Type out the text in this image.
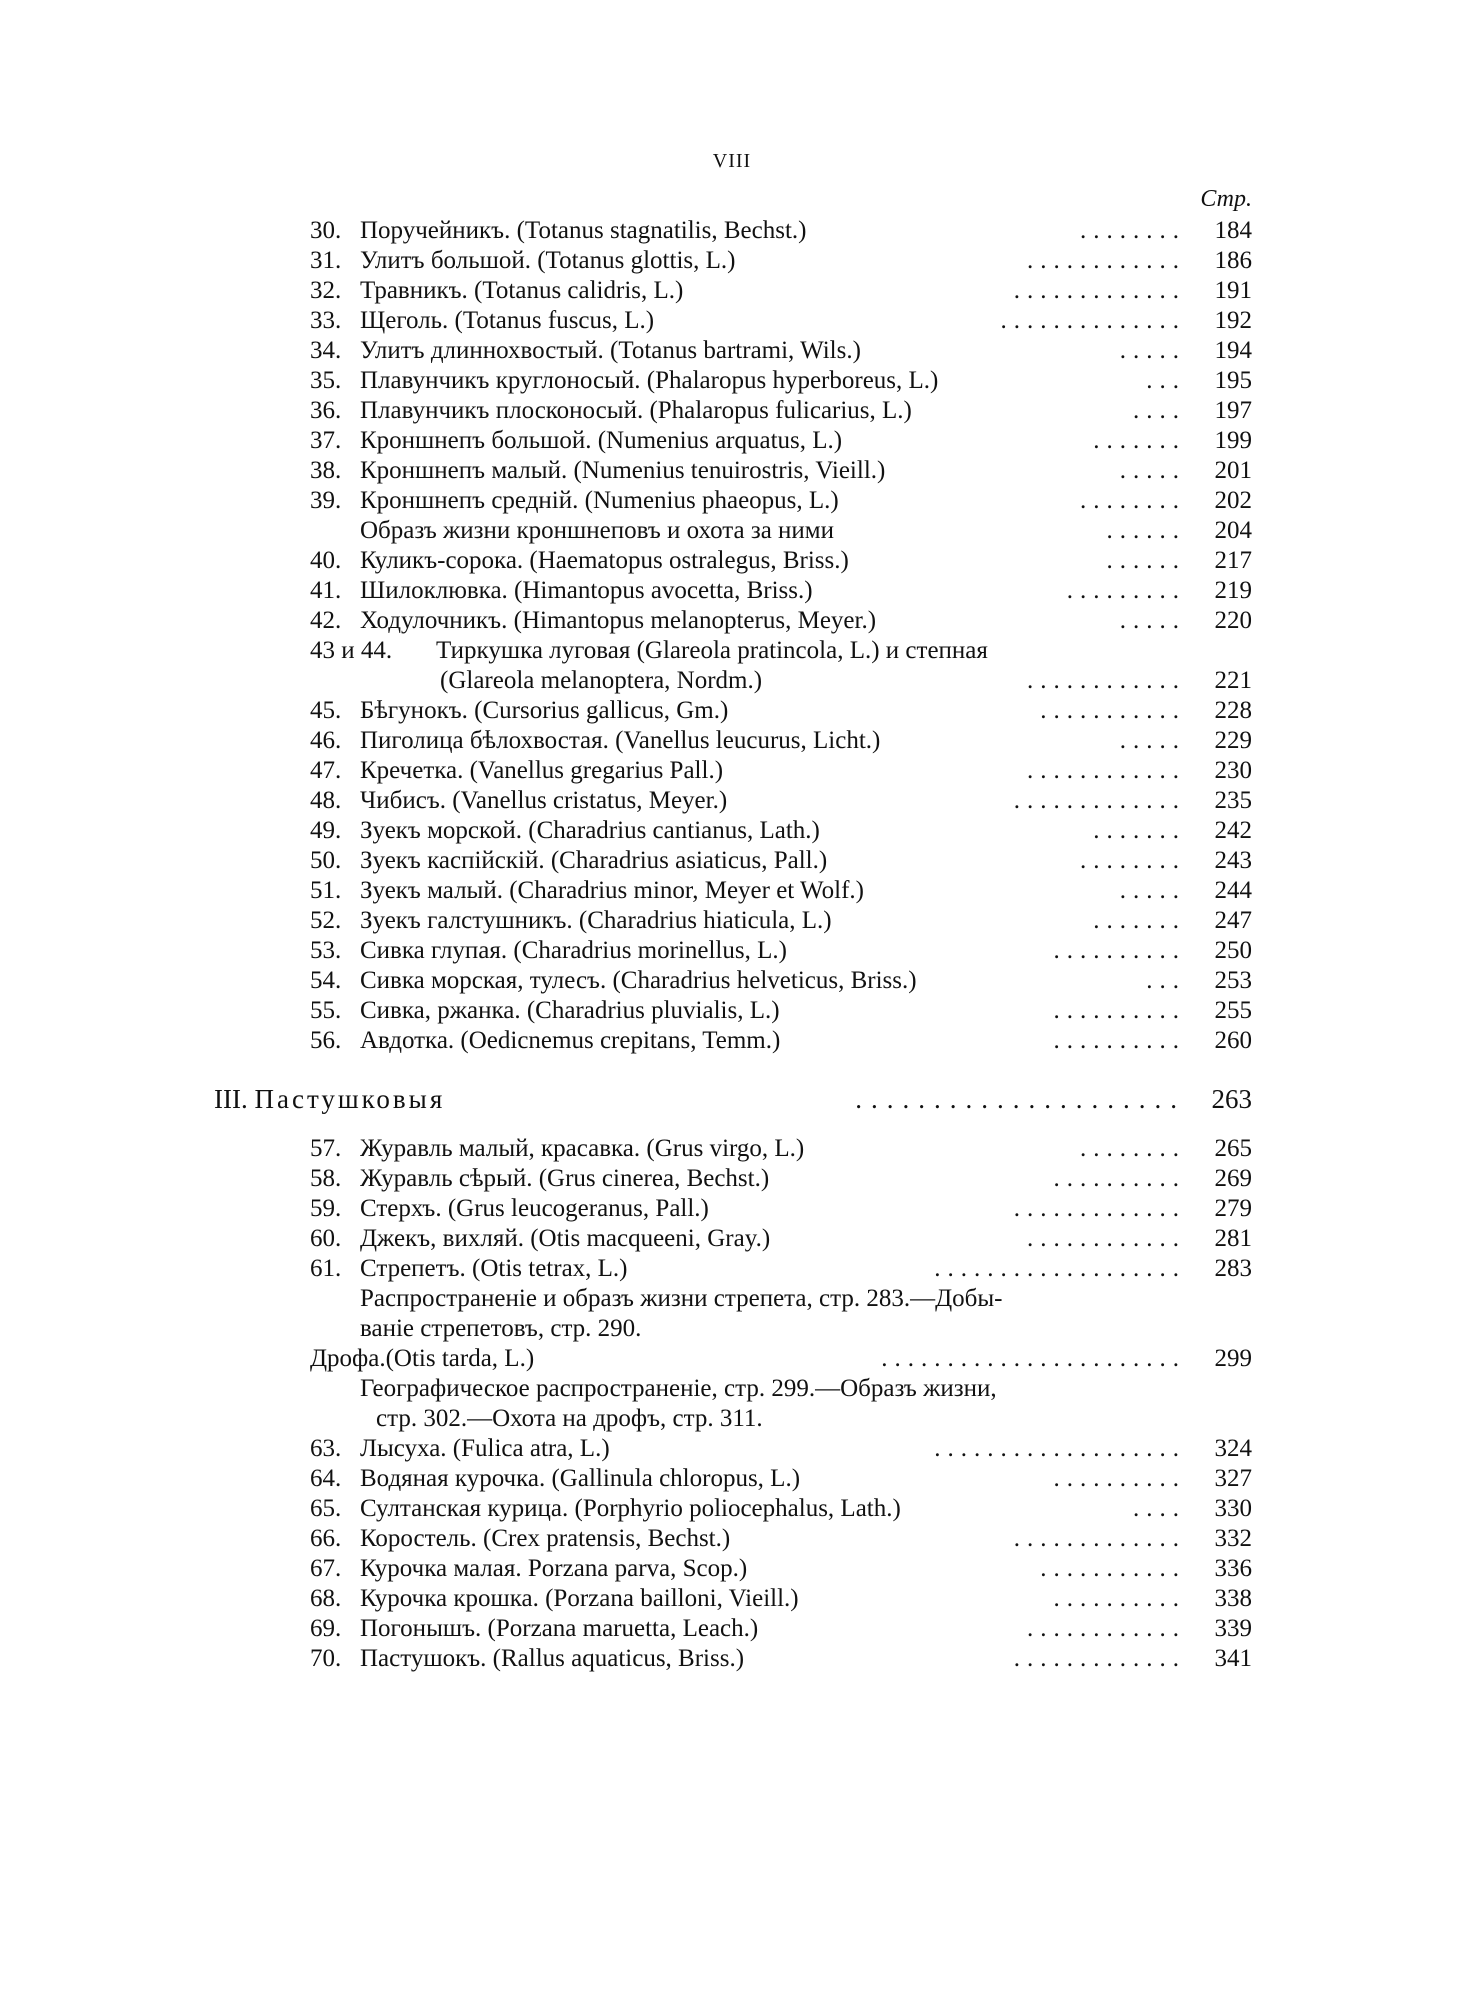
VIII
Стр.
30. Поручейникъ. (Totanus stagnatilis, Bechst.)	........	184
31. Улитъ большой. (Totanus glottis, L.)	............	186
32. Травникъ. (Totanus calidris, L.)	.............	191
33. Щеголь. (Totanus fuscus, L.)	..............	192
34. Улитъ длиннохвостый. (Totanus bartrami, Wils.)	.....	194
35. Плавунчикъ круглоносый. (Phalaropus hyperboreus, L.)	...	195
36. Плавунчикъ плосконосый. (Phalaropus fulicarius, L.)	....	197
37. Кроншнепъ большой. (Numenius arquatus, L.)	.......	199
38. Кроншнепъ малый. (Numenius tenuirostris, Vieill.)	.....	201
39. Кроншнепъ средній. (Numenius phaeopus, L.)	........	202
Образъ жизни кроншнеповъ и охота за ними	......	204
40. Куликъ-сорока. (Haematopus ostralegus, Briss.)	......	217
41. Шилоклювка. (Himantopus avocetta, Briss.)	.........	219
42. Ходулочникъ. (Himantopus melanopterus, Meyer.)	.....	220
43 и 44. Тиркушка луговая (Glareola pratincola, L.) и степная
(Glareola melanoptera, Nordm.)	............	221
45. Бѣгунокъ. (Cursorius gallicus, Gm.)	...........	228
46. Пиголица бѣлохвостая. (Vanellus leucurus, Licht.)	.....	229
47. Кречетка. (Vanellus gregarius Pall.)	............	230
48. Чибисъ. (Vanellus cristatus, Meyer.)	.............	235
49. Зуекъ морской. (Charadrius cantianus, Lath.)	.......	242
50. Зуекъ каспійскій. (Charadrius asiaticus, Pall.)	........	243
51. Зуекъ малый. (Charadrius minor, Meyer et Wolf.)	.....	244
52. Зуекъ галстушникъ. (Charadrius hiaticula, L.)	.......	247
53. Сивка глупая. (Charadrius morinellus, L.)	..........	250
54. Сивка морская, тулесъ. (Charadrius helveticus, Briss.)	...	253
55. Сивка, ржанка. (Charadrius pluvialis, L.)	..........	255
56. Авдотка. (Oedicnemus crepitans, Temm.)	..........	260
III. Пастушковыя	..................... 263
57. Журавль малый, красавка. (Grus virgo, L.)	........	265
58. Журавль сѣрый. (Grus cinerea, Bechst.)	..........	269
59. Стерхъ. (Grus leucogeranus, Pall.)	.............	279
60. Джекъ, вихляй. (Otis macqueeni, Gray.)	............	281
61. Стрепетъ. (Otis tetrax, L.)	...................	283
Распространеніе и образъ жизни стрепета, стр. 283.—Добы-
ваніе стрепетовъ, стр. 290.
Дрофа.(Otis tarda, L.)	.......................	299
Географическое распространеніе, стр. 299.—Образъ жизни,
стр. 302.—Охота на дрофъ, стр. 311.
63. Лысуха. (Fulica atra, L.)	...................	324
64. Водяная курочка. (Gallinula chloropus, L.)	..........	327
65. Султанская курица. (Porphyrio poliocephalus, Lath.)	....	330
66. Коростель. (Crex pratensis, Bechst.)	.............	332
67. Курочка малая. Porzana parva, Scop.)	...........	336
68. Курочка крошка. (Porzana bailloni, Vieill.)	..........	338
69. Погонышъ. (Porzana maruetta, Leach.)	............	339
70. Пастушокъ. (Rallus aquaticus, Briss.)	.............	341
